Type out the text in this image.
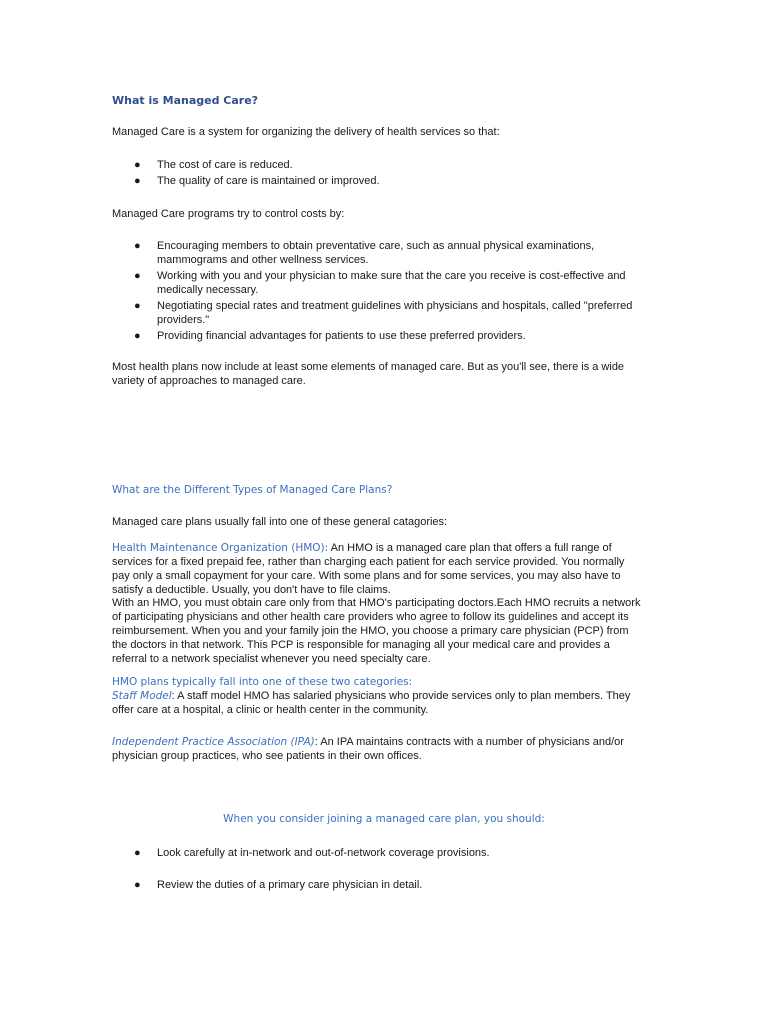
What is Managed Care?
Managed Care is a system for organizing the delivery of health services so that:
● The cost of care is reduced.
● The quality of care is maintained or improved.
Managed Care programs try to control costs by:
● Encouraging members to obtain preventative care, such as annual physical examinations, mammograms and other wellness services.
● Working with you and your physician to make sure that the care you receive is cost-effective and medically necessary.
● Negotiating special rates and treatment guidelines with physicians and hospitals, called "preferred providers."
● Providing financial advantages for patients to use these preferred providers.
Most health plans now include at least some elements of managed care. But as you'll see, there is a wide variety of approaches to managed care.
What are the Different Types of Managed Care Plans?
Managed care plans usually fall into one of these general catagories:
Health Maintenance Organization (HMO): An HMO is a managed care plan that offers a full range of services for a fixed prepaid fee, rather than charging each patient for each service provided. You normally pay only a small copayment for your care. With some plans and for some services, you may also have to satisfy a deductible. Usually, you don't have to file claims.
With an HMO, you must obtain care only from that HMO's participating doctors.Each HMO recruits a network of participating physicians and other health care providers who agree to follow its guidelines and accept its reimbursement. When you and your family join the HMO, you choose a primary care physician (PCP) from the doctors in that network. This PCP is responsible for managing all your medical care and provides a referral to a network specialist whenever you need specialty care.
HMO plans typically fall into one of these two categories:
Staff Model: A staff model HMO has salaried physicians who provide services only to plan members. They offer care at a hospital, a clinic or health center in the community.
Independent Practice Association (IPA): An IPA maintains contracts with a number of physicians and/or physician group practices, who see patients in their own offices.
When you consider joining a managed care plan, you should:
● Look carefully at in-network and out-of-network coverage provisions.
● Review the duties of a primary care physician in detail.
